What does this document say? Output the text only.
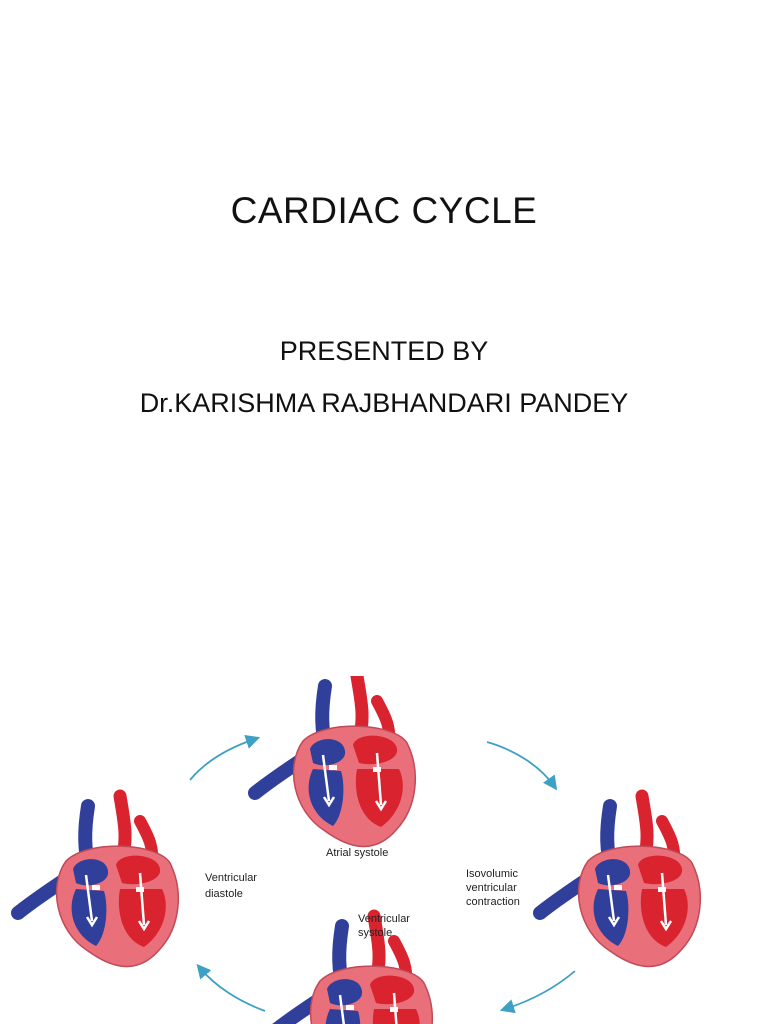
CARDIAC CYCLE
PRESENTED BY
Dr.KARISHMA RAJBHANDARI PANDEY
Atrial systole
Ventricular
diastole
Isovolumic
ventricular
contraction
Ventricular
systole
